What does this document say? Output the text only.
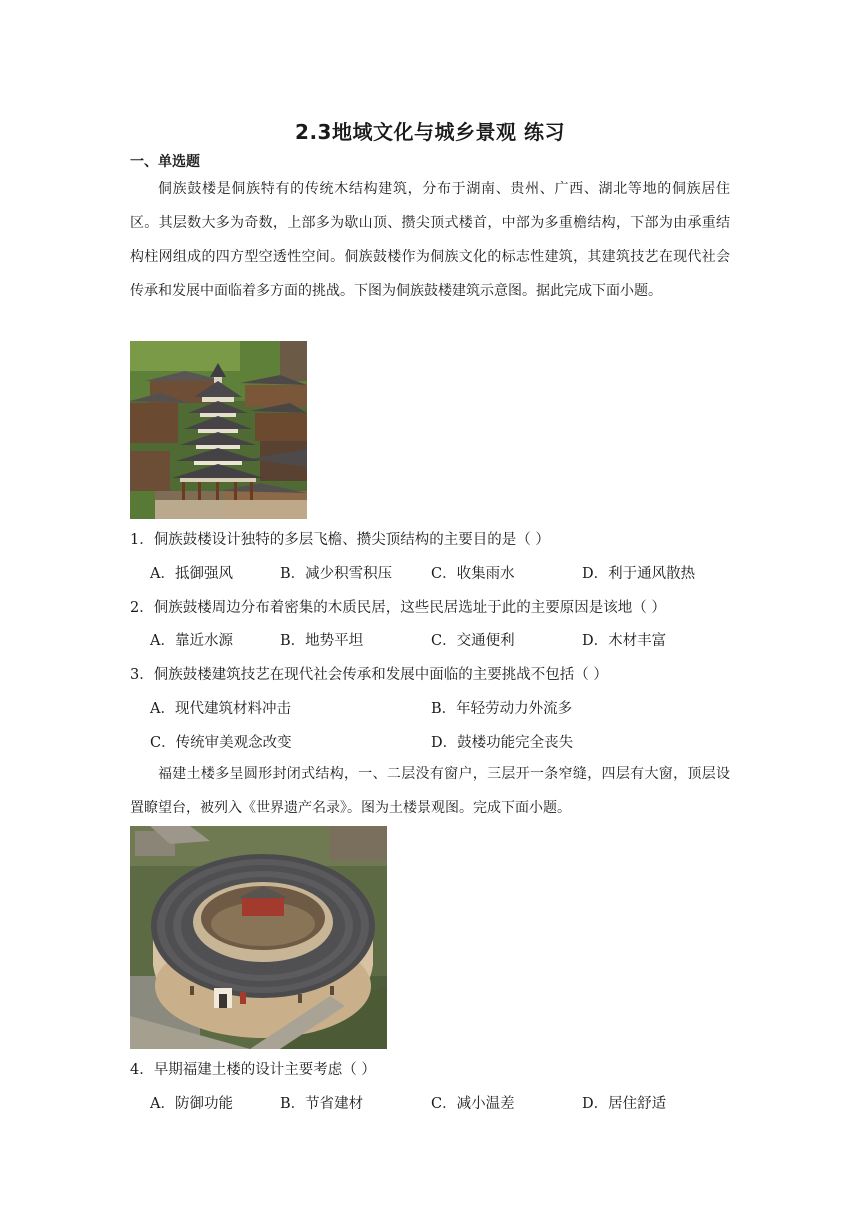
2.3地域文化与城乡景观 练习
一、单选题

侗族鼓楼是侗族特有的传统木结构建筑，分布于湖南、贵州、广西、湖北等地的侗族居住区。其层数大多为奇数，上部多为歇山顶、攒尖顶式楼首，中部为多重檐结构，下部为由承重结构柱网组成的四方型空透性空间。侗族鼓楼作为侗族文化的标志性建筑，其建筑技艺在现代社会传承和发展中面临着多方面的挑战。下图为侗族鼓楼建筑示意图。据此完成下面小题。

1．侗族鼓楼设计独特的多层飞檐、攒尖顶结构的主要目的是（ ）
A．抵御强风	B．减少积雪积压	C．收集雨水	D．利于通风散热
2．侗族鼓楼周边分布着密集的木质民居，这些民居选址于此的主要原因是该地（ ）
A．靠近水源	B．地势平坦	C．交通便利	D．木材丰富
3．侗族鼓楼建筑技艺在现代社会传承和发展中面临的主要挑战不包括（ ）
A．现代建筑材料冲击	B．年轻劳动力外流多
C．传统审美观念改变	D．鼓楼功能完全丧失

福建土楼多呈圆形封闭式结构，一、二层没有窗户，三层开一条窄缝，四层有大窗，顶层设置瞭望台，被列入《世界遗产名录》。图为土楼景观图。完成下面小题。

4．早期福建土楼的设计主要考虑（ ）
A．防御功能	B．节省建材	C．减小温差	D．居住舒适
